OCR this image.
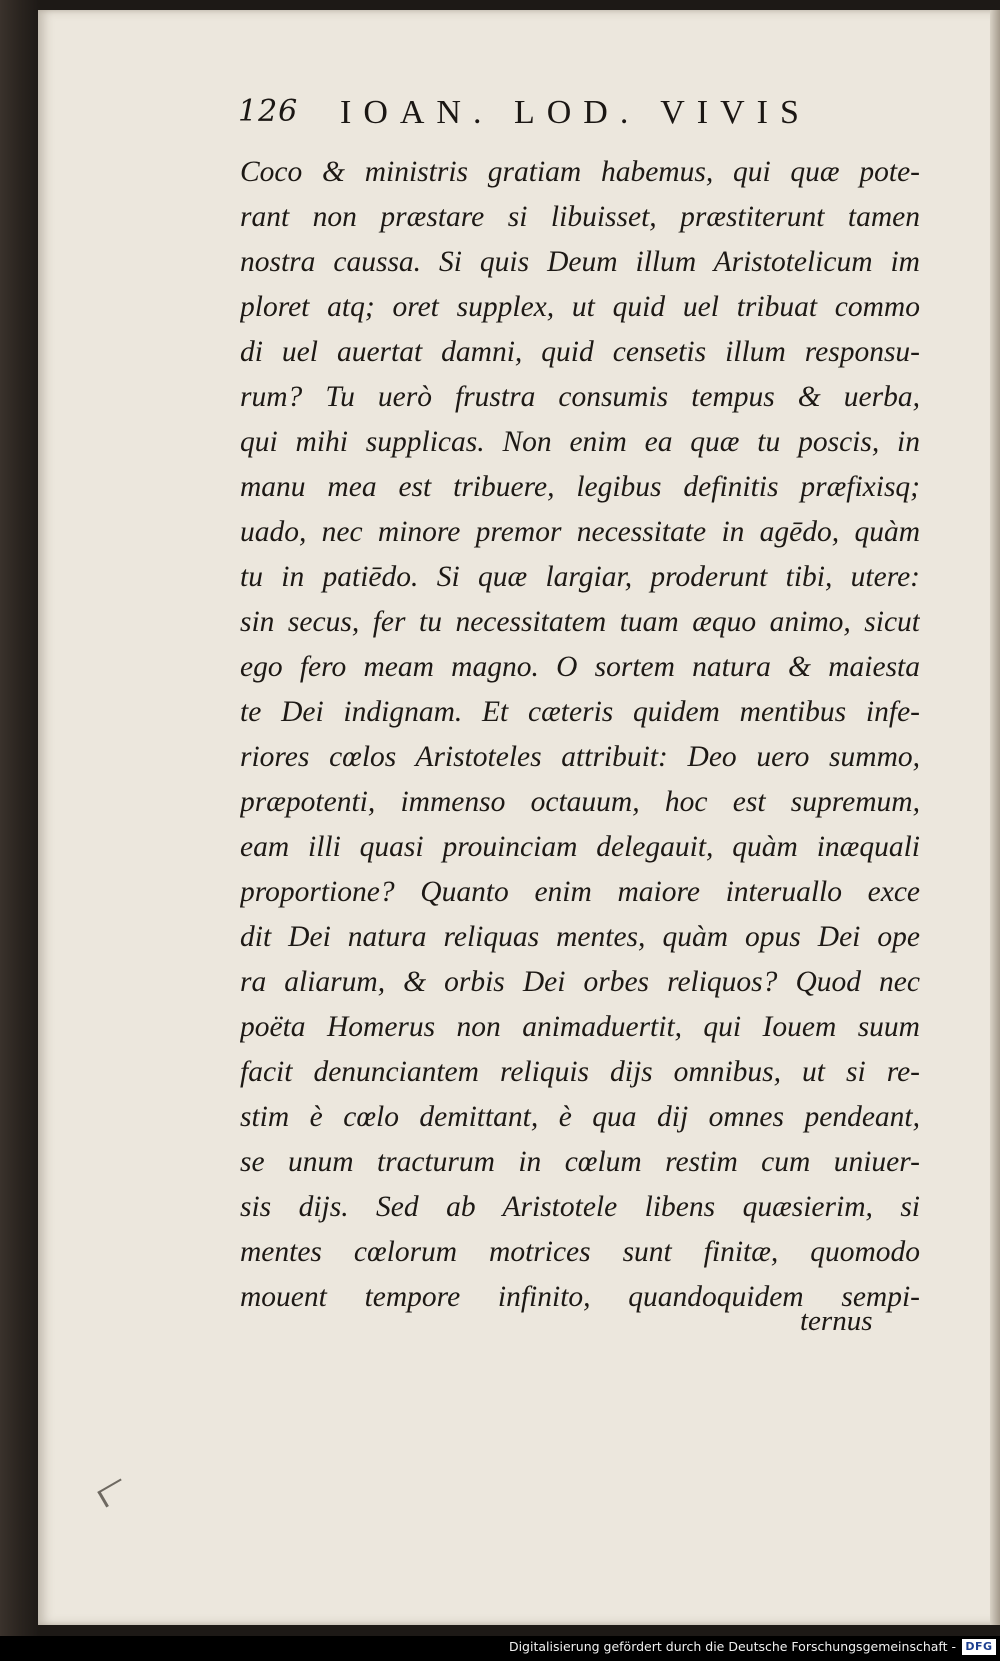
126 IOAN. LOD. VIVIS
Coco & ministris gratiam habemus, qui quæ pote-
rant non præstare si libuisset, præstiterunt tamen
nostra caussa. Si quis Deum illum Aristotelicum im
ploret atq; oret supplex, ut quid uel tribuat commo
di uel auertat damni, quid censetis illum responsu-
rum? Tu uerò frustra consumis tempus & uerba,
qui mihi supplicas. Non enim ea quæ tu poscis, in
manu mea est tribuere, legibus definitis præfixisq;
uado, nec minore premor necessitate in agēdo, quàm
tu in patiēdo. Si quæ largiar, proderunt tibi, utere:
sin secus, fer tu necessitatem tuam æquo animo, sicut
ego fero meam magno. O sortem natura & maiesta
te Dei indignam. Et cæteris quidem mentibus infe-
riores cœlos Aristoteles attribuit: Deo uero summo,
præpotenti, immenso octauum, hoc est supremum,
eam illi quasi prouinciam delegauit, quàm inæquali
proportione? Quanto enim maiore interuallo exce
dit Dei natura reliquas mentes, quàm opus Dei ope
ra aliarum, & orbis Dei orbes reliquos? Quod nec
poëta Homerus non animaduertit, qui Iouem suum
facit denunciantem reliquis dijs omnibus, ut si re-
stim è cœlo demittant, è qua dij omnes pendeant,
se unum tracturum in cœlum restim cum uniuer-
sis dijs. Sed ab Aristotele libens quæsierim, si
mentes cœlorum motrices sunt finitæ, quomodo
mouent tempore infinito, quandoquidem sempi-
ternus
Digitalisierung gefördert durch die Deutsche Forschungsgemeinschaft - DFG
